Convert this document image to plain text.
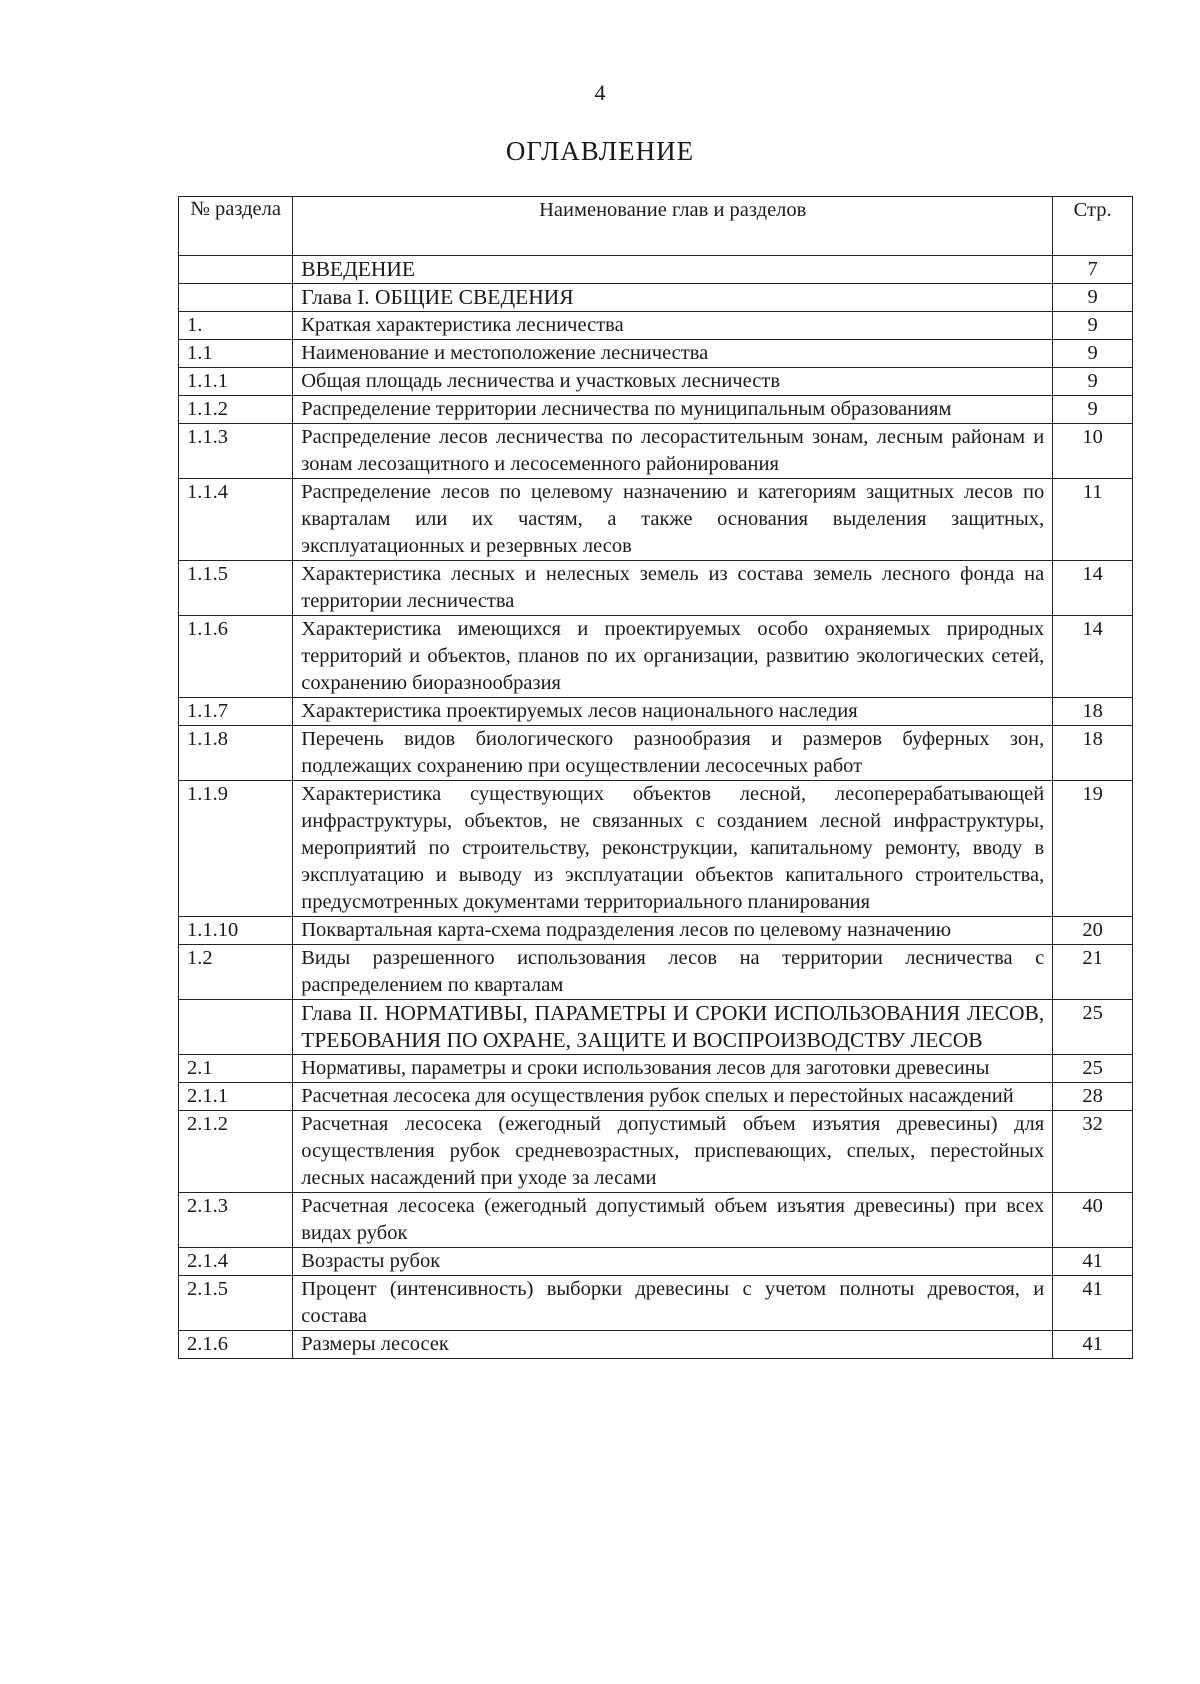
4
ОГЛАВЛЕНИЕ
№ раздела	Наименование глав и разделов	Стр.
	ВВЕДЕНИЕ	7
	Глава I. ОБЩИЕ СВЕДЕНИЯ	9
1.	Краткая характеристика лесничества	9
1.1	Наименование и местоположение лесничества	9
1.1.1	Общая площадь лесничества и участковых лесничеств	9
1.1.2	Распределение территории лесничества по муниципальным образованиям	9
1.1.3	Распределение лесов лесничества по лесорастительным зонам, лесным районам и зонам лесозащитного и лесосеменного районирования	10
1.1.4	Распределение лесов по целевому назначению и категориям защитных лесов по кварталам или их частям, а также основания выделения защитных, эксплуатационных и резервных лесов	11
1.1.5	Характеристика лесных и нелесных земель из состава земель лесного фонда на территории лесничества	14
1.1.6	Характеристика имеющихся и проектируемых особо охраняемых природных территорий и объектов, планов по их организации, развитию экологических сетей, сохранению биоразнообразия	14
1.1.7	Характеристика проектируемых лесов национального наследия	18
1.1.8	Перечень видов биологического разнообразия и размеров буферных зон, подлежащих сохранению при осуществлении лесосечных работ	18
1.1.9	Характеристика существующих объектов лесной, лесоперерабатывающей инфраструктуры, объектов, не связанных с созданием лесной инфраструктуры, мероприятий по строительству, реконструкции, капитальному ремонту, вводу в эксплуатацию и выводу из эксплуатации объектов капитального строительства, предусмотренных документами территориального планирования	19
1.1.10	Поквартальная карта-схема подразделения лесов по целевому назначению	20
1.2	Виды разрешенного использования лесов на территории лесничества с распределением по кварталам	21
	Глава II. НОРМАТИВЫ, ПАРАМЕТРЫ И СРОКИ ИСПОЛЬЗОВАНИЯ ЛЕСОВ, ТРЕБОВАНИЯ ПО ОХРАНЕ, ЗАЩИТЕ И ВОСПРОИЗВОДСТВУ ЛЕСОВ	25
2.1	Нормативы, параметры и сроки использования лесов для заготовки древесины	25
2.1.1	Расчетная лесосека для осуществления рубок спелых и перестойных насаждений	28
2.1.2	Расчетная лесосека (ежегодный допустимый объем изъятия древесины) для осуществления рубок средневозрастных, приспевающих, спелых, перестойных лесных насаждений при уходе за лесами	32
2.1.3	Расчетная лесосека (ежегодный допустимый объем изъятия древесины) при всех видах рубок	40
2.1.4	Возрасты рубок	41
2.1.5	Процент (интенсивность) выборки древесины с учетом полноты древостоя, и состава	41
2.1.6	Размеры лесосек	41
